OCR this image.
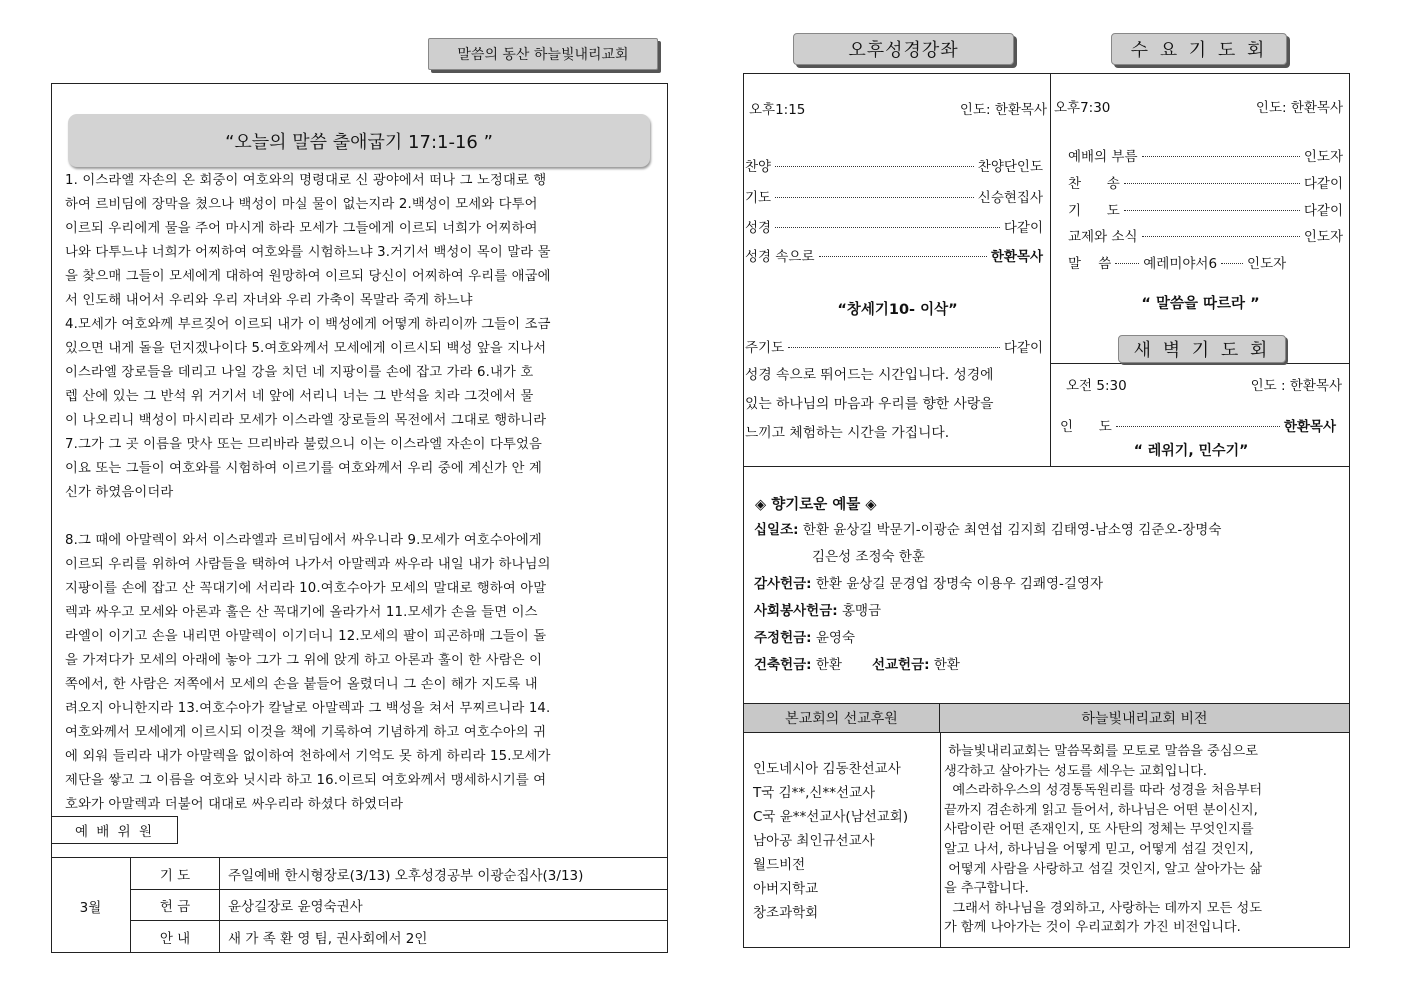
말씀의 동산 하늘빛내리교회
“오늘의 말씀 출애굽기 17:1-16 ”
1. 이스라엘 자손의 온 회중이 여호와의 명령대로 신 광야에서 떠나 그 노정대로 행
하여 르비딤에 장막을 쳤으나 백성이 마실 물이 없는지라 2.백성이 모세와 다투어
이르되 우리에게 물을 주어 마시게 하라 모세가 그들에게 이르되 너희가 어찌하여
나와 다투느냐 너희가 어찌하여 여호와를 시험하느냐 3.거기서 백성이 목이 말라 물
을 찾으매 그들이 모세에게 대하여 원망하여 이르되 당신이 어찌하여 우리를 애굽에
서 인도해 내어서 우리와 우리 자녀와 우리 가축이 목말라 죽게 하느냐
4.모세가 여호와께 부르짖어 이르되 내가 이 백성에게 어떻게 하리이까 그들이 조금
있으면 내게 돌을 던지겠나이다 5.여호와께서 모세에게 이르시되 백성 앞을 지나서
이스라엘 장로들을 데리고 나일 강을 치던 네 지팡이를 손에 잡고 가라 6.내가 호
렙 산에 있는 그 반석 위 거기서 네 앞에 서리니 너는 그 반석을 치라 그것에서 물
이 나오리니 백성이 마시리라 모세가 이스라엘 장로들의 목전에서 그대로 행하니라
7.그가 그 곳 이름을 맛사 또는 므리바라 불렀으니 이는 이스라엘 자손이 다투었음
이요 또는 그들이 여호와를 시험하여 이르기를 여호와께서 우리 중에 계신가 안 계
신가 하였음이더라
8.그 때에 아말렉이 와서 이스라엘과 르비딤에서 싸우니라 9.모세가 여호수아에게
이르되 우리를 위하여 사람들을 택하여 나가서 아말렉과 싸우라 내일 내가 하나님의
지팡이를 손에 잡고 산 꼭대기에 서리라 10.여호수아가 모세의 말대로 행하여 아말
렉과 싸우고 모세와 아론과 훌은 산 꼭대기에 올라가서 11.모세가 손을 들면 이스
라엘이 이기고 손을 내리면 아말렉이 이기더니 12.모세의 팔이 피곤하매 그들이 돌
을 가져다가 모세의 아래에 놓아 그가 그 위에 앉게 하고 아론과 훌이 한 사람은 이
쪽에서, 한 사람은 저쪽에서 모세의 손을 붙들어 올렸더니 그 손이 해가 지도록 내
려오지 아니한지라 13.여호수아가 칼날로 아말렉과 그 백성을 쳐서 무찌르니라 14.
여호와께서 모세에게 이르시되 이것을 책에 기록하여 기념하게 하고 여호수아의 귀
에 외워 들리라 내가 아말렉을 없이하여 천하에서 기억도 못 하게 하리라 15.모세가
제단을 쌓고 그 이름을 여호와 닛시라 하고 16.이르되 여호와께서 맹세하시기를 여
호와가 아말렉과 더불어 대대로 싸우리라 하셨다 하였더라
예 배 위 원
3월
기 도	주일예배 한시형장로(3/13) 오후성경공부 이광순집사(3/13)
헌 금	윤상길장로 윤영숙권사
안 내	새 가 족 환 영 팀, 권사회에서 2인
오후성경강좌	수 요 기 도 회
오후1:15	인도: 한환목사
찬양	찬양단인도
기도	신승현집사
성경	다같이
성경 속으로	한환목사
“창세기10- 이삭”
주기도	다같이
성경 속으로 뛰어드는 시간입니다. 성경에
있는 하나님의 마음과 우리를 향한 사랑을
느끼고 체험하는 시간을 가집니다.
오후7:30	인도: 한환목사
예배의 부름	인도자
찬      송	다같이
기      도	다같이
교제와 소식	인도자
말    씀 예레미야서6 인도자
“ 말씀을 따르라 ”
새 벽 기 도 회
오전 5:30	인도 : 한환목사
인      도	한환목사
“ 레위기, 민수기”
◈ 향기로운 예물 ◈
십일조: 한환 윤상길 박문기-이광순 최연섭 김지희 김태영-남소영 김준오-장명숙
김은성 조정숙 한훈
감사헌금: 한환 윤상길 문경업 장명숙 이용우 김쾌영-길영자
사회봉사헌금: 홍맹금
주정헌금: 윤영숙
건축헌금: 한환 선교헌금: 한환
본교회의 선교후원	하늘빛내리교회 비전
인도네시아 김동찬선교사
T국 김**,신**선교사
C국 윤**선교사(남선교회)
남아공 최인규선교사
월드비전
아버지학교
창조과학회
하늘빛내리교회는 말씀목회를 모토로 말씀을 중심으로
생각하고 살아가는 성도를 세우는 교회입니다.
예스라하우스의 성경통독원리를 따라 성경을 처음부터
끝까지 겸손하게 읽고 들어서, 하나님은 어떤 분이신지,
사람이란 어떤 존재인지, 또 사탄의 정체는 무엇인지를
알고 나서, 하나님을 어떻게 믿고, 어떻게 섬길 것인지,
어떻게 사람을 사랑하고 섬길 것인지, 알고 살아가는 삶
을 추구합니다.
그래서 하나님을 경외하고, 사랑하는 데까지 모든 성도
가 함께 나아가는 것이 우리교회가 가진 비전입니다.
